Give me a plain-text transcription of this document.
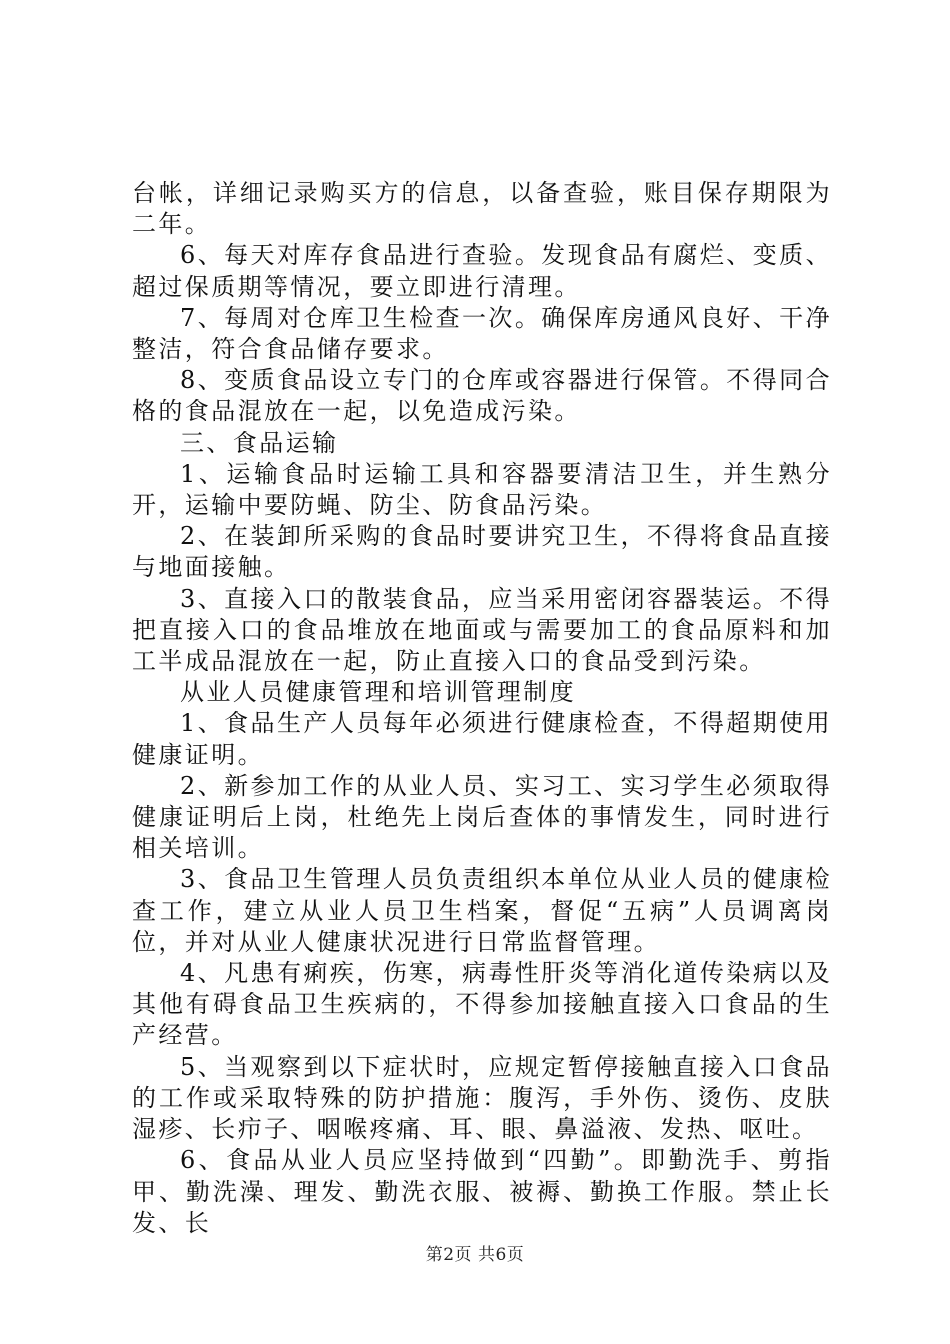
台帐，详细记录购买方的信息，以备查验，账目保存期限为二年。

6、每天对库存食品进行查验。发现食品有腐烂、变质、超过保质期等情况，要立即进行清理。

7、每周对仓库卫生检查一次。确保库房通风良好、干净整洁，符合食品储存要求。

8、变质食品设立专门的仓库或容器进行保管。不得同合格的食品混放在一起，以免造成污染。

三、食品运输

1、运输食品时运输工具和容器要清洁卫生，并生熟分开，运输中要防蝇、防尘、防食品污染。

2、在装卸所采购的食品时要讲究卫生，不得将食品直接与地面接触。

3、直接入口的散装食品，应当采用密闭容器装运。不得把直接入口的食品堆放在地面或与需要加工的食品原料和加工半成品混放在一起，防止直接入口的食品受到污染。

从业人员健康管理和培训管理制度

1、食品生产人员每年必须进行健康检查，不得超期使用健康证明。

2、新参加工作的从业人员、实习工、实习学生必须取得健康证明后上岗，杜绝先上岗后查体的事情发生，同时进行相关培训。

3、食品卫生管理人员负责组织本单位从业人员的健康检查工作，建立从业人员卫生档案，督促“五病”人员调离岗位，并对从业人健康状况进行日常监督管理。

4、凡患有痢疾，伤寒，病毒性肝炎等消化道传染病以及其他有碍食品卫生疾病的，不得参加接触直接入口食品的生产经营。

5、当观察到以下症状时，应规定暂停接触直接入口食品的工作或采取特殊的防护措施：腹泻，手外伤、烫伤、皮肤湿疹、长疖子、咽喉疼痛、耳、眼、鼻溢液、发热、呕吐。

6、食品从业人员应坚持做到“四勤”。即勤洗手、剪指甲、勤洗澡、理发、勤洗衣服、被褥、勤换工作服。禁止长发、长

第2页 共6页
